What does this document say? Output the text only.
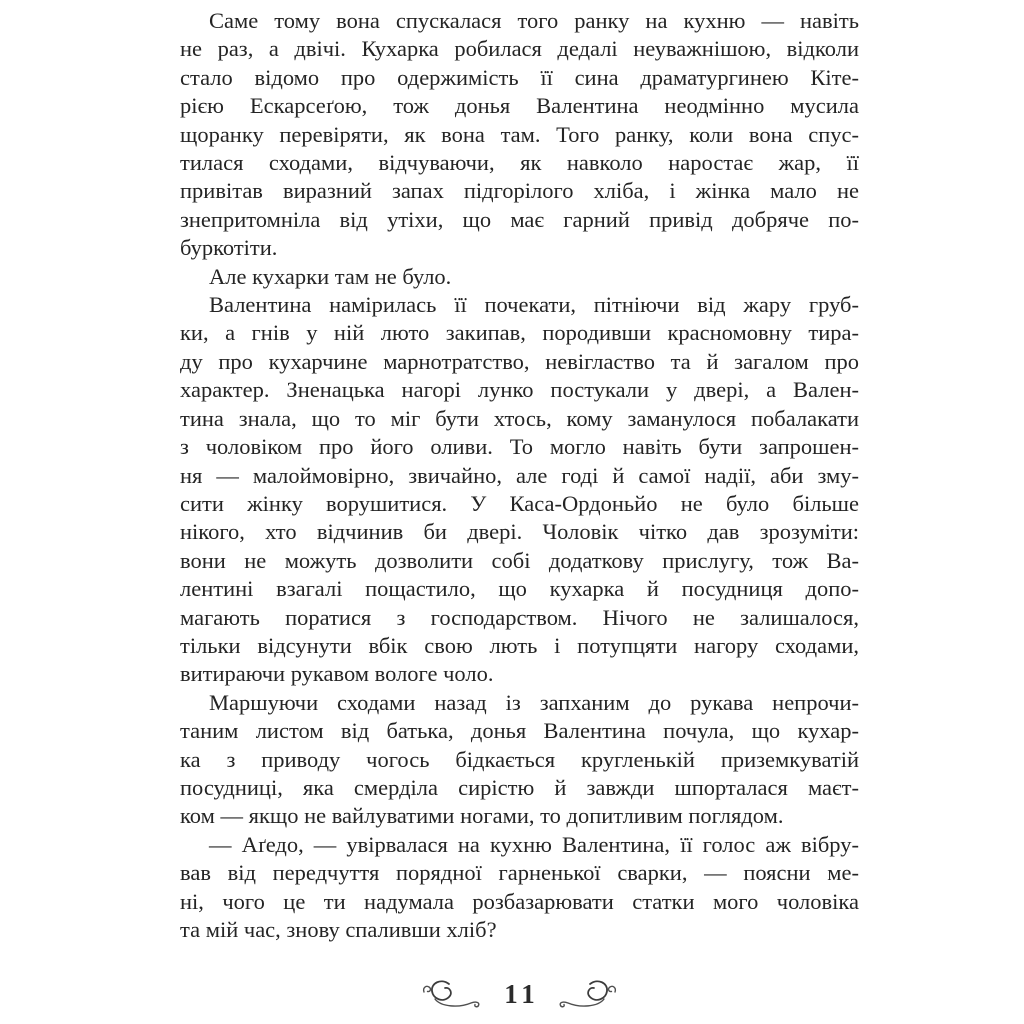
Саме тому вона спускалася того ранку на кухню — навіть
не раз, а двічі. Кухарка робилася дедалі неуважнішою, відколи
стало відомо про одержимість її сина драматургинею Кіте-
рією Ескарсеґою, тож донья Валентина неодмінно мусила
щоранку перевіряти, як вона там. Того ранку, коли вона спус-
тилася сходами, відчуваючи, як навколо наростає жар, її
привітав виразний запах підгорілого хліба, і жінка мало не
знепритомніла від утіхи, що має гарний привід добряче по-
буркотіти.
Але кухарки там не було.
Валентина намірилась її почекати, пітніючи від жару груб-
ки, а гнів у ній люто закипав, породивши красномовну тира-
ду про кухарчине марнотратство, невігластво та й загалом про
характер. Зненацька нагорі лунко постукали у двері, а Вален-
тина знала, що то міг бути хтось, кому заманулося побалакати
з чоловіком про його оливи. То могло навіть бути запрошен-
ня — малоймовірно, звичайно, але годі й самої надії, аби зму-
сити жінку ворушитися. У Каса-Ордоньйо не було більше
нікого, хто відчинив би двері. Чоловік чітко дав зрозуміти:
вони не можуть дозволити собі додаткову прислугу, тож Ва-
лентині взагалі пощастило, що кухарка й посудниця допо-
магають поратися з господарством. Нічого не залишалося,
тільки відсунути вбік свою лють і потупцяти нагору сходами,
витираючи рукавом вологе чоло.
Маршуючи сходами назад із запханим до рукава непрочи-
таним листом від батька, донья Валентина почула, що кухар-
ка з приводу чогось бідкається кругленькій приземкуватій
посудниці, яка смерділа сирістю й завжди шпорталася маєт-
ком — якщо не вайлуватими ногами, то допитливим поглядом.
— Аґедо, — увірвалася на кухню Валентина, її голос аж вібру-
вав від передчуття порядної гарненької сварки, — поясни ме-
ні, чого це ти надумала розбазарювати статки мого чоловіка
та мій час, знову спаливши хліб?
11
